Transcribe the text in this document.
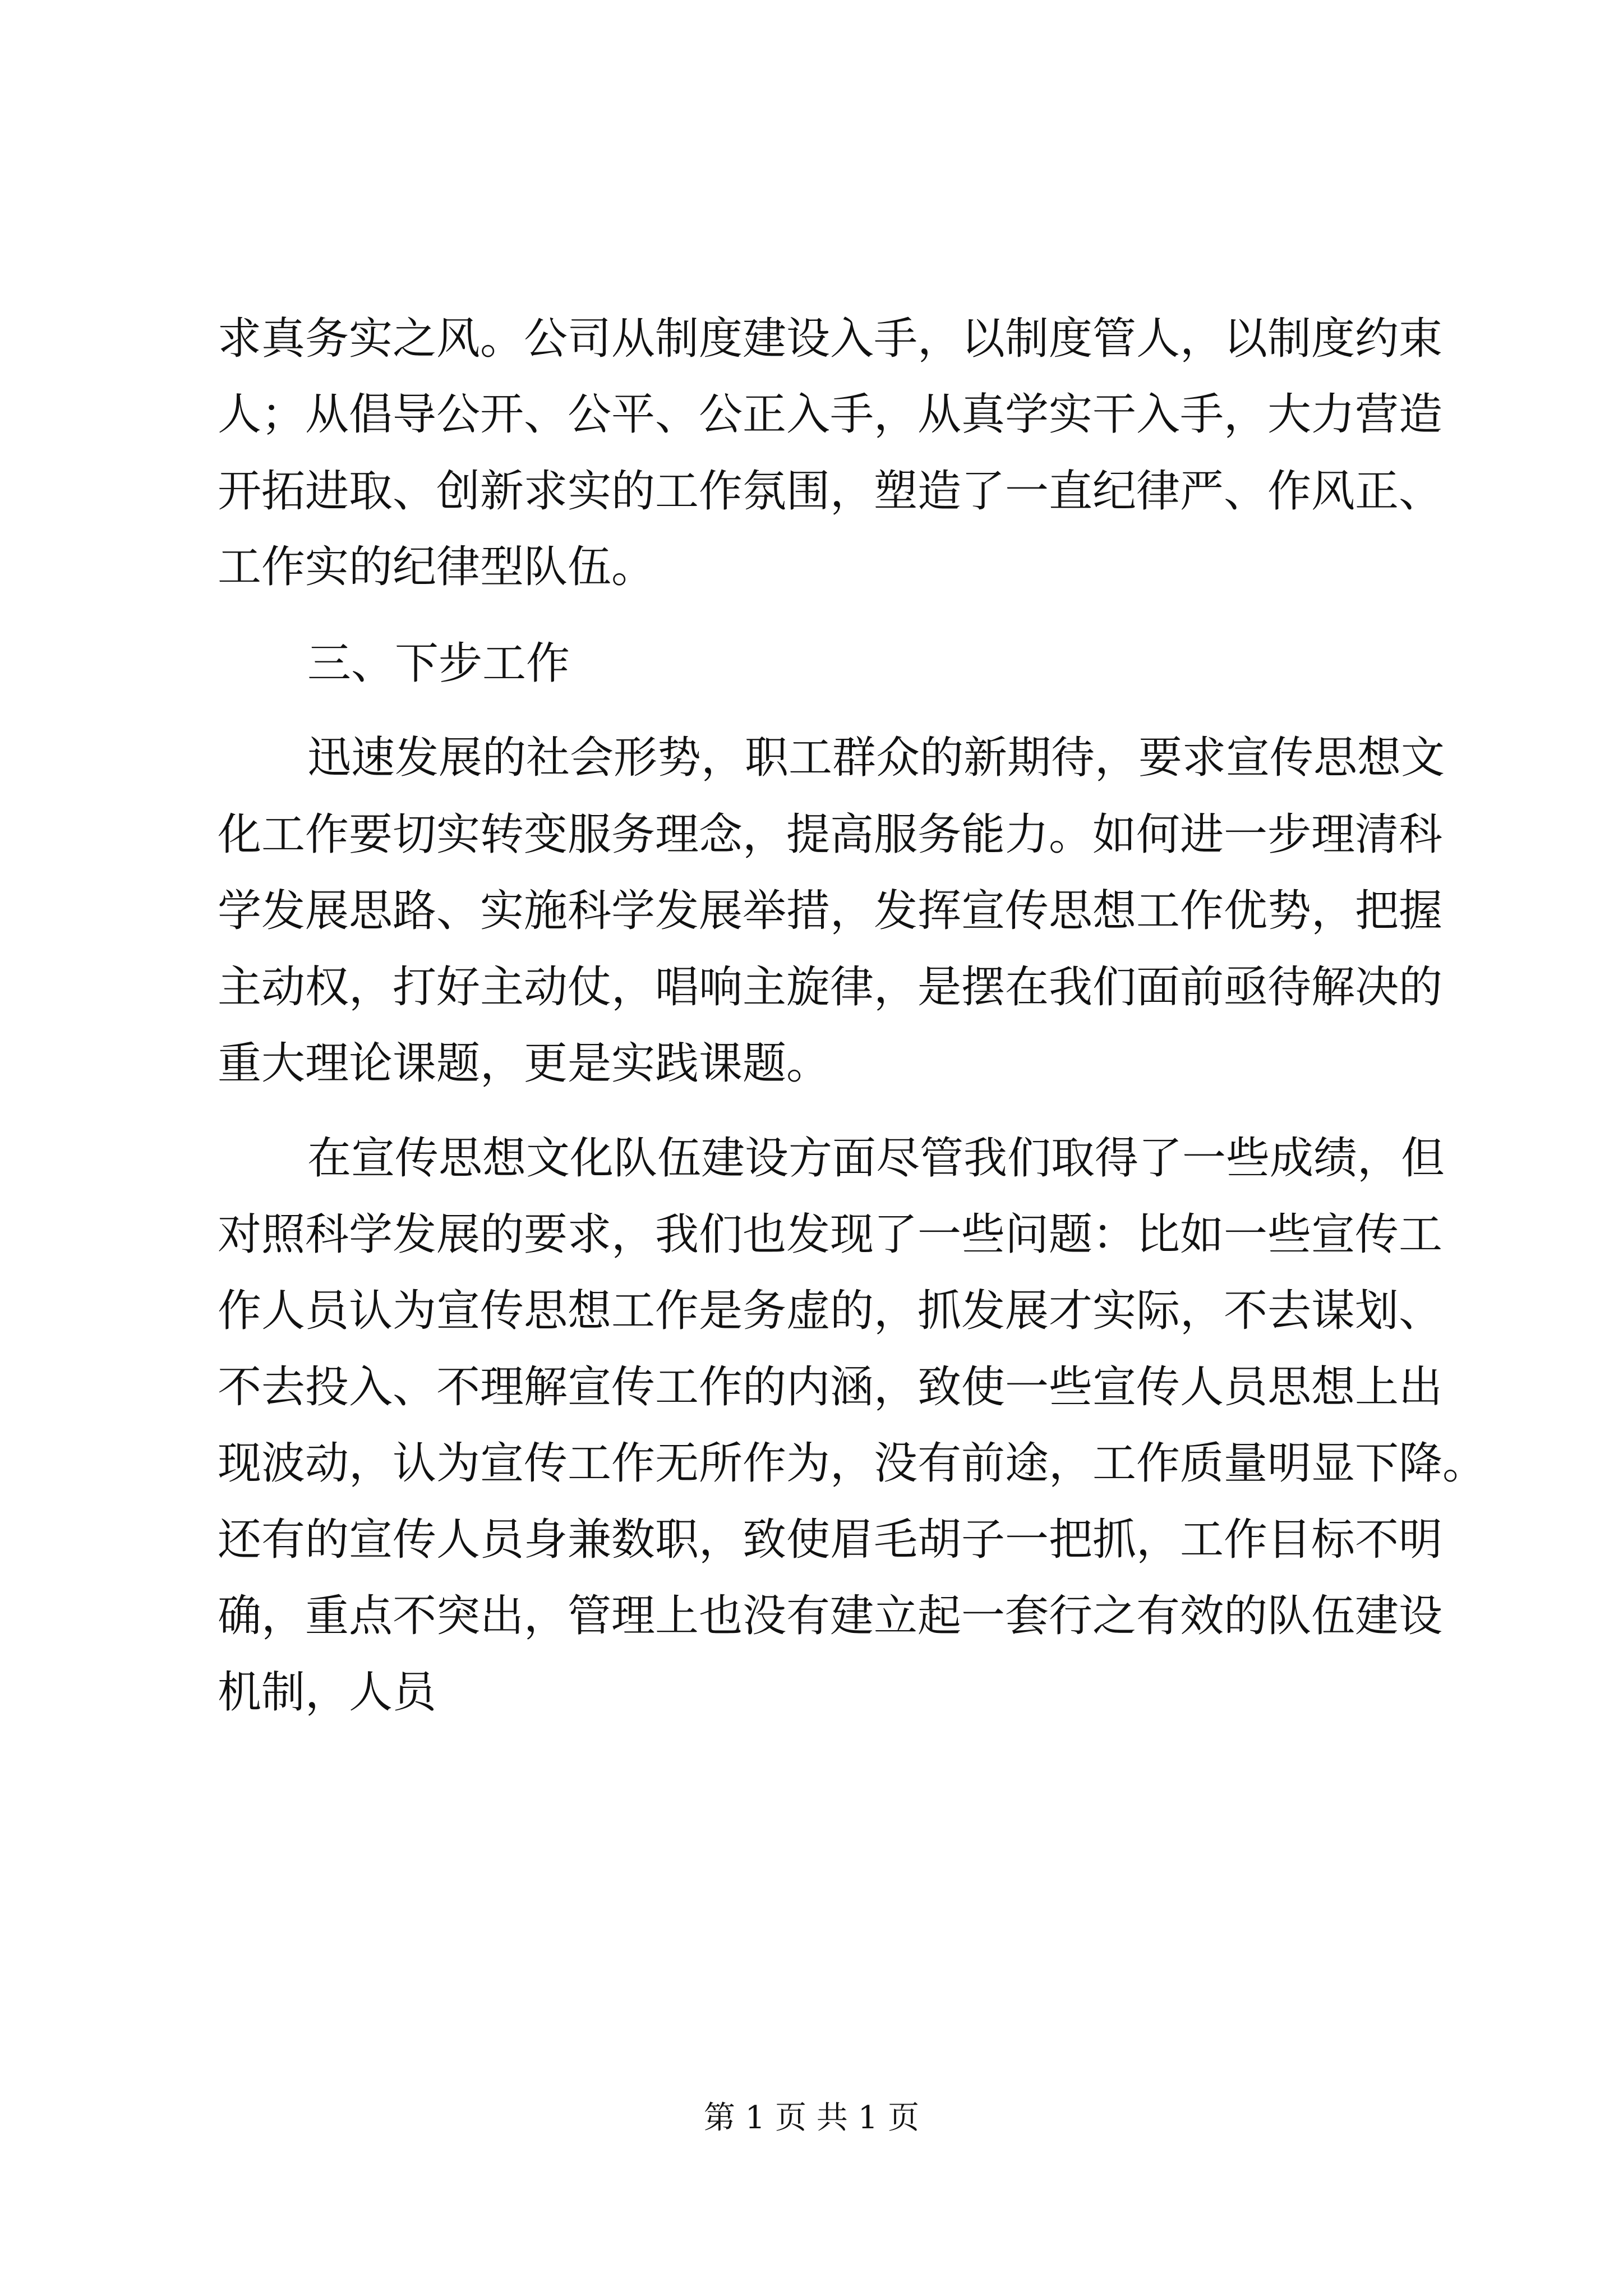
求真务实之风。公司从制度建设入手，以制度管人，以制度约束
人；从倡导公开、公平、公正入手，从真学实干入手，大力营造
开拓进取、创新求实的工作氛围，塑造了一直纪律严、作风正、
工作实的纪律型队伍。
三、下步工作
迅速发展的社会形势，职工群众的新期待，要求宣传思想文
化工作要切实转变服务理念，提高服务能力。如何进一步理清科
学发展思路、实施科学发展举措，发挥宣传思想工作优势，把握
主动权，打好主动仗，唱响主旋律，是摆在我们面前亟待解决的
重大理论课题，更是实践课题。
在宣传思想文化队伍建设方面尽管我们取得了一些成绩，但
对照科学发展的要求，我们也发现了一些问题：比如一些宣传工
作人员认为宣传思想工作是务虚的，抓发展才实际，不去谋划、
不去投入、不理解宣传工作的内涵，致使一些宣传人员思想上出
现波动，认为宣传工作无所作为，没有前途，工作质量明显下降。
还有的宣传人员身兼数职，致使眉毛胡子一把抓，工作目标不明
确，重点不突出，管理上也没有建立起一套行之有效的队伍建设
机制，人员
第 1 页 共 1 页
